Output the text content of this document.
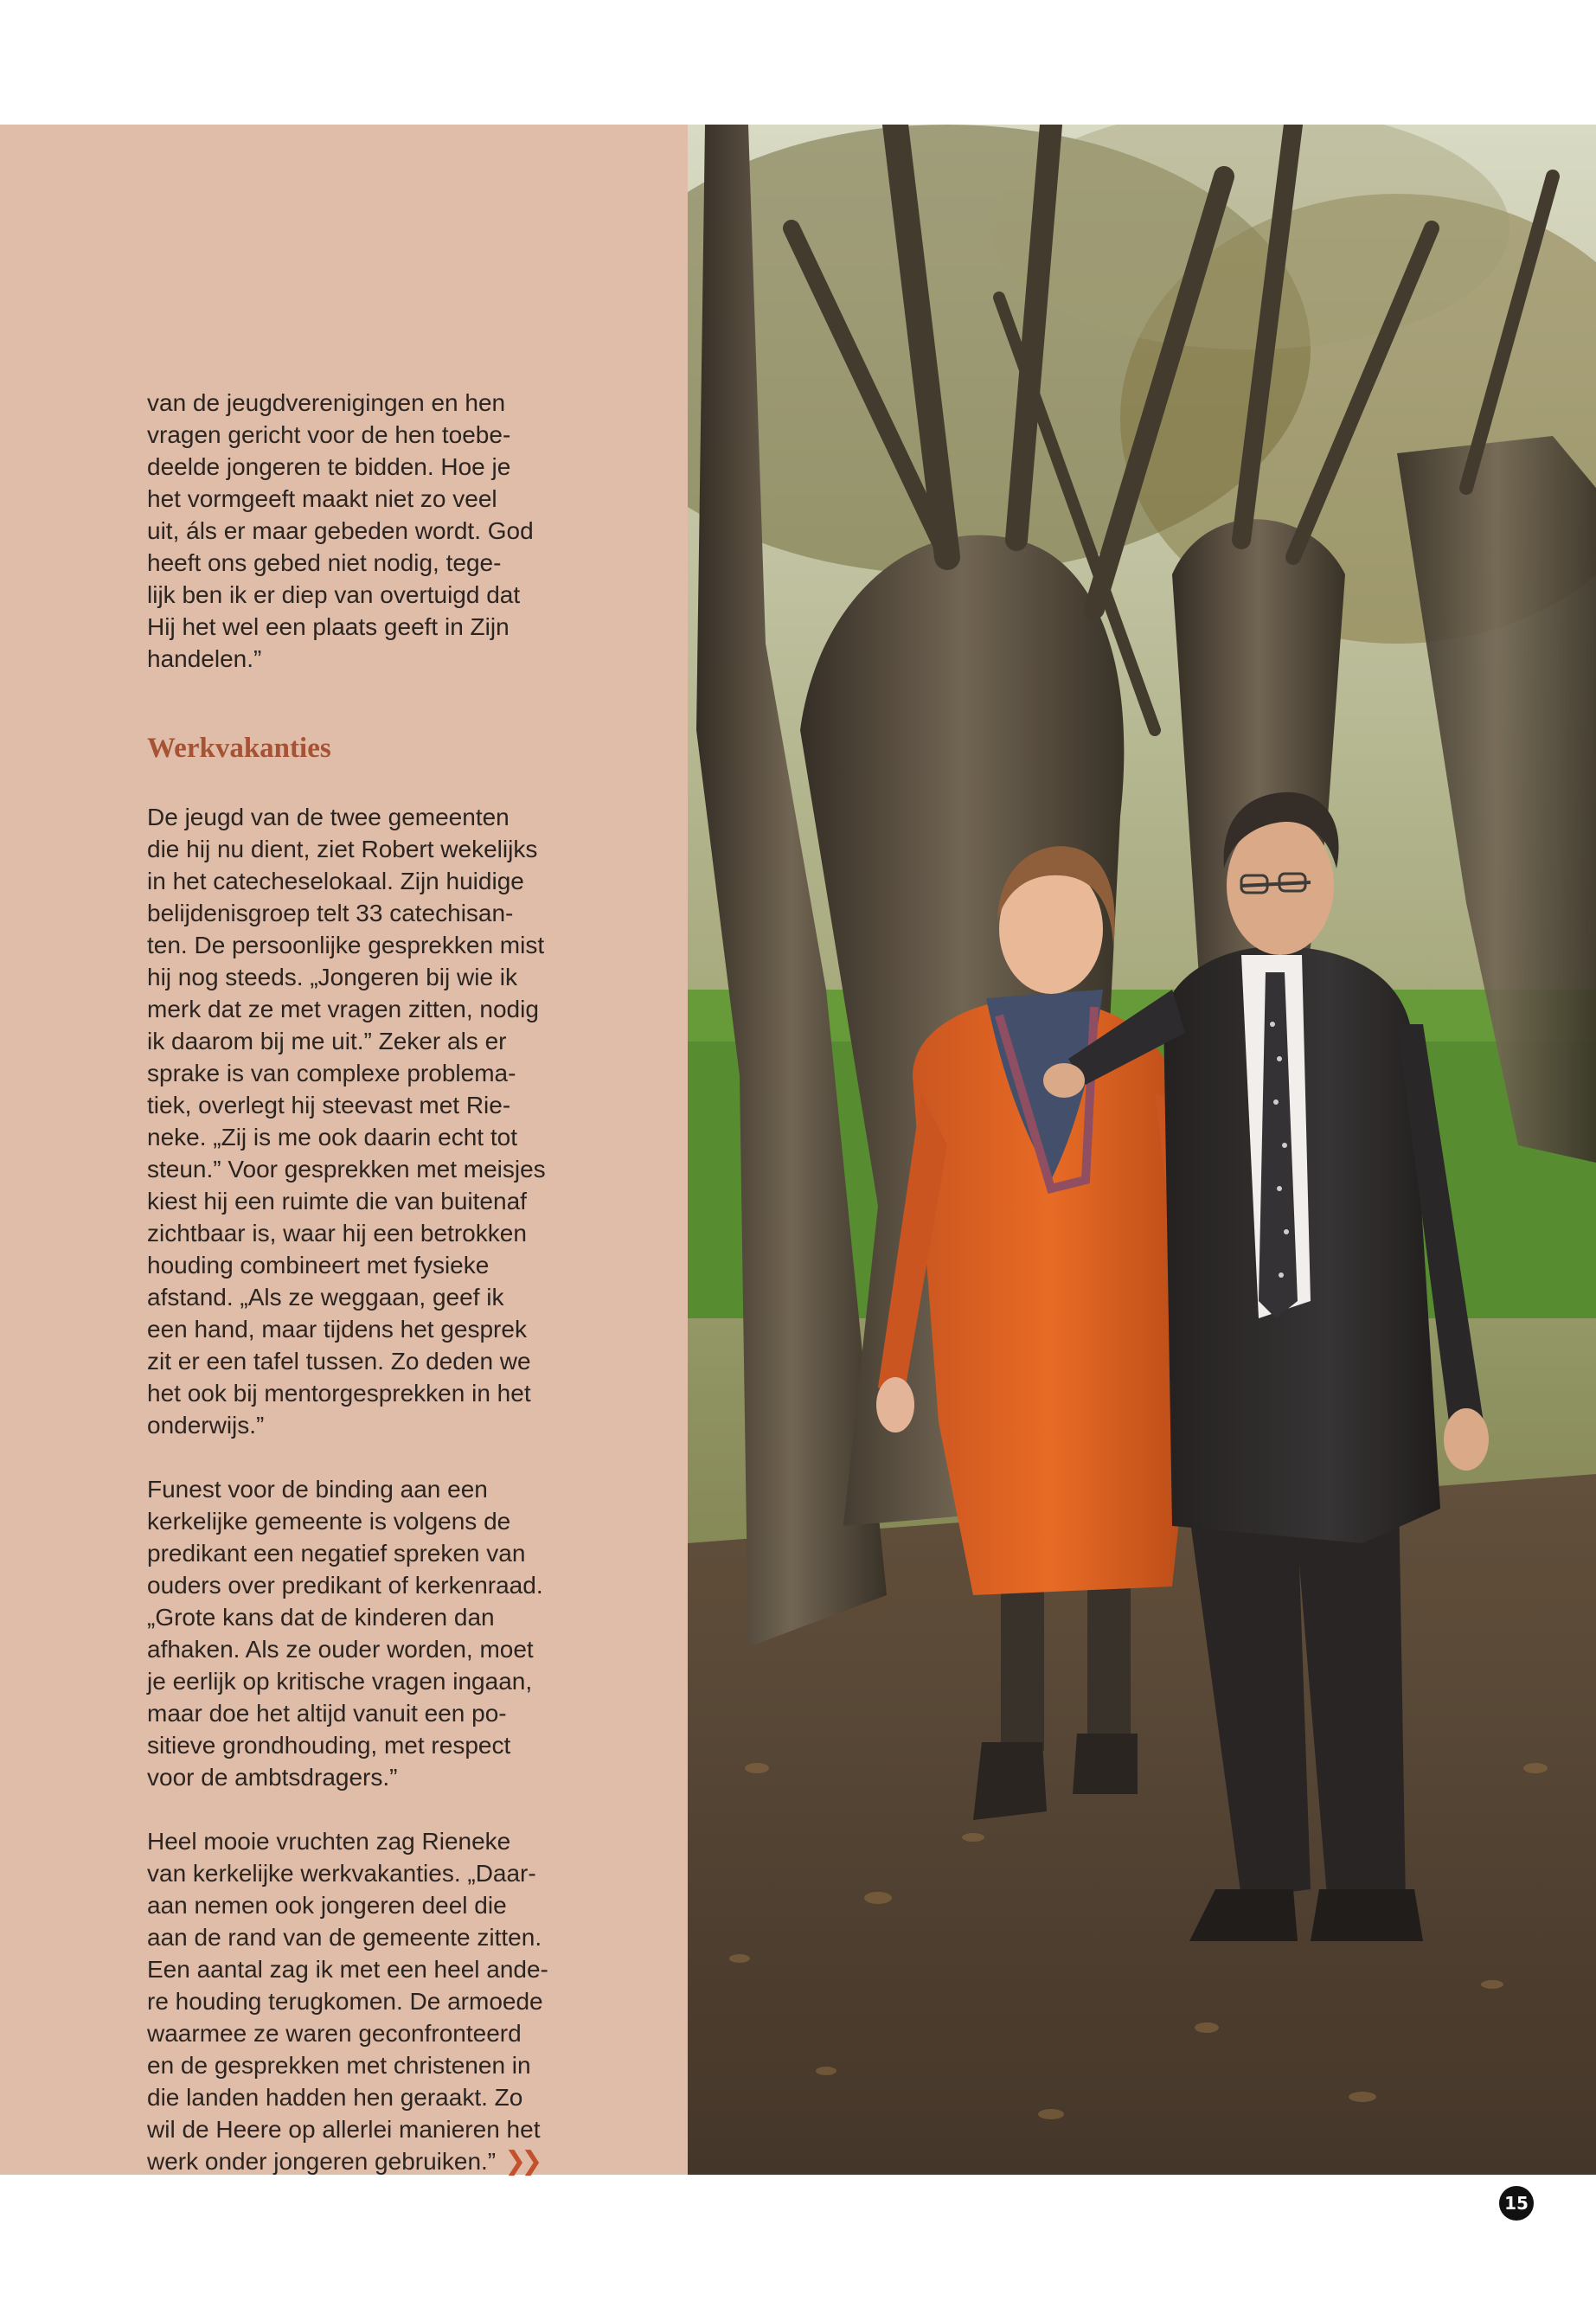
van de jeugdverenigingen en hen
vragen gericht voor de hen toebe-
deelde jongeren te bidden. Hoe je
het vormgeeft maakt niet zo veel
uit, áls er maar gebeden wordt. God
heeft ons gebed niet nodig, tege-
lijk ben ik er diep van overtuigd dat
Hij het wel een plaats geeft in Zijn
handelen.”

Werkvakanties

De jeugd van de twee gemeenten
die hij nu dient, ziet Robert wekelijks
in het catecheselokaal. Zijn huidige
belijdenisgroep telt 33 catechisan-
ten. De persoonlijke gesprekken mist
hij nog steeds. „Jongeren bij wie ik
merk dat ze met vragen zitten, nodig
ik daarom bij me uit.” Zeker als er
sprake is van complexe problema-
tiek, overlegt hij steevast met Rie-
neke. „Zij is me ook daarin echt tot
steun.” Voor gesprekken met meisjes
kiest hij een ruimte die van buitenaf
zichtbaar is, waar hij een betrokken
houding combineert met fysieke
afstand. „Als ze weggaan, geef ik
een hand, maar tijdens het gesprek
zit er een tafel tussen. Zo deden we
het ook bij mentorgesprekken in het
onderwijs.”

Funest voor de binding aan een
kerkelijke gemeente is volgens de
predikant een negatief spreken van
ouders over predikant of kerkenraad.
„Grote kans dat de kinderen dan
afhaken. Als ze ouder worden, moet
je eerlijk op kritische vragen ingaan,
maar doe het altijd vanuit een po-
sitieve grondhouding, met respect
voor de ambtsdragers.”

Heel mooie vruchten zag Rieneke
van kerkelijke werkvakanties. „Daar-
aan nemen ook jongeren deel die
aan de rand van de gemeente zitten.
Een aantal zag ik met een heel ande-
re houding terugkomen. De armoede
waarmee ze waren geconfronteerd
en de gesprekken met christenen in
die landen hadden hen geraakt. Zo
wil de Heere op allerlei manieren het
werk onder jongeren gebruiken.” ❯❯

15
